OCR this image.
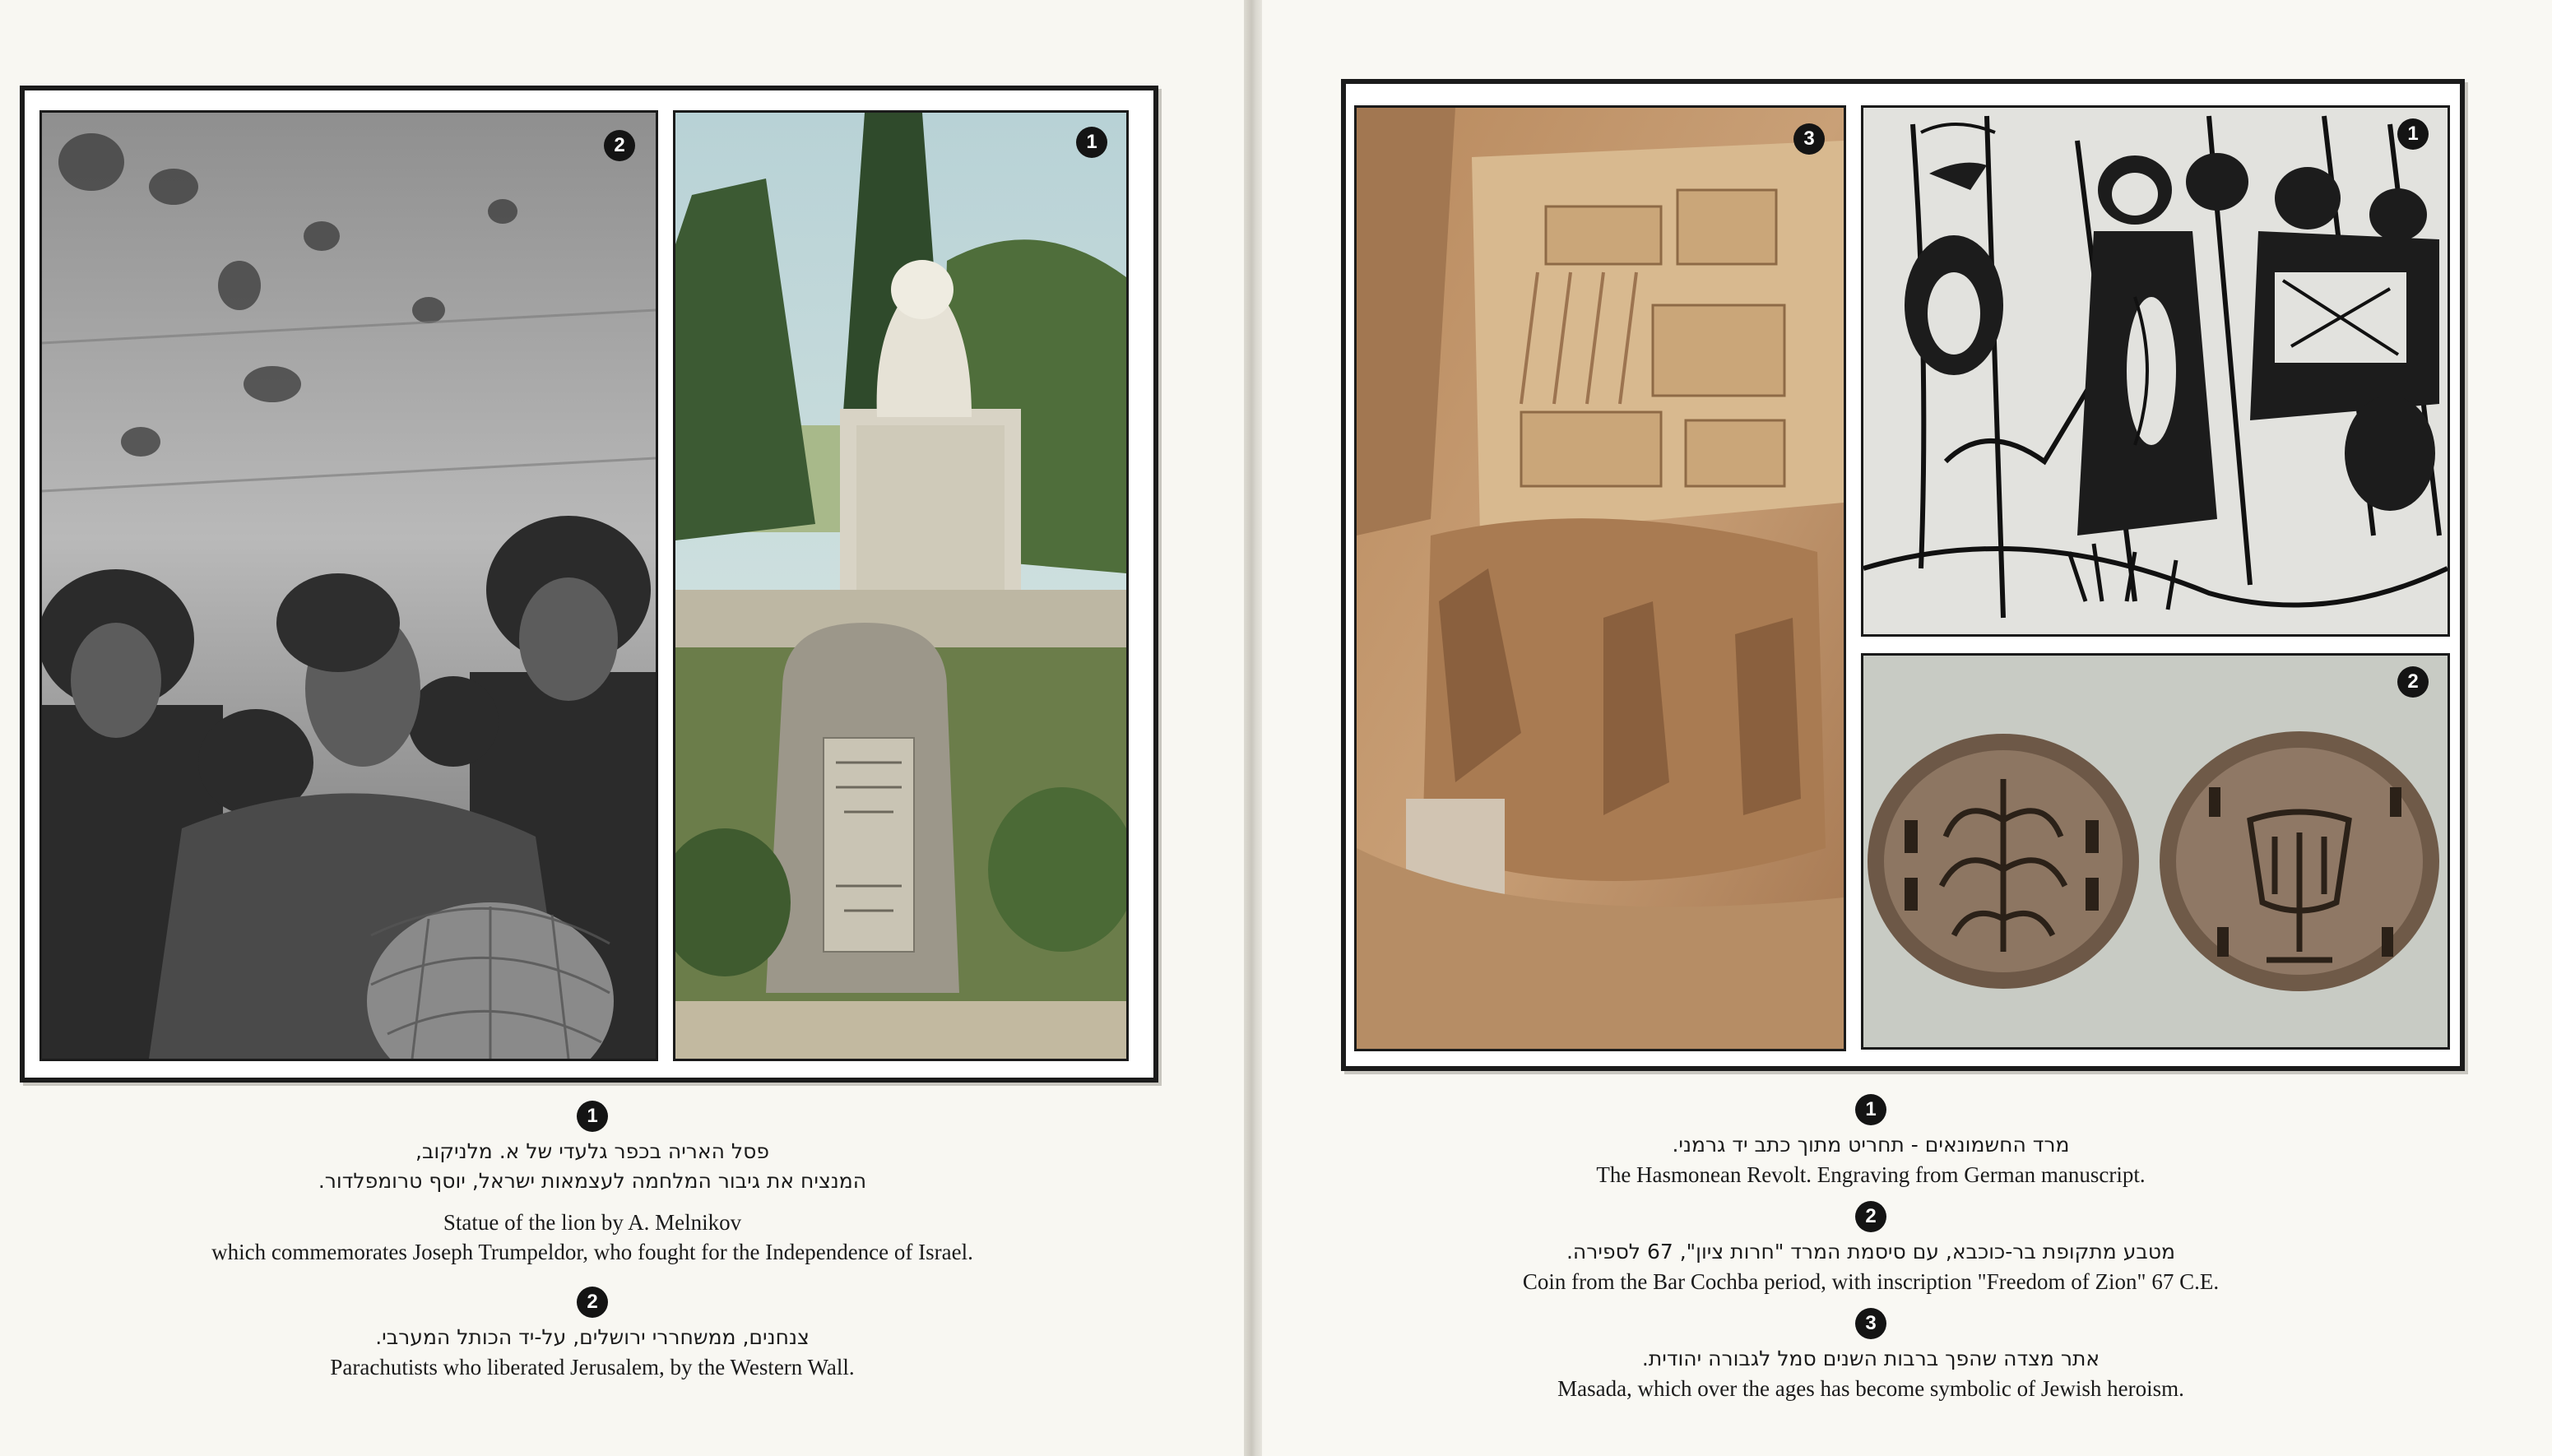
2	1
1
פסל האריה בכפר גלעדי של א. מלניקוב,
המנציח את גיבור המלחמה לעצמאות ישראל, יוסף טרומפלדור.
Statue of the lion by A. Melnikov
which commemorates Joseph Trumpeldor, who fought for the Independence of Israel.
2
צנחנים, ממשחררי ירושלים, על-יד הכותל המערבי.
Parachutists who liberated Jerusalem, by the Western Wall.
3	1
2
1
מרד החשמונאים - תחריט מתוך כתב יד גרמני.
The Hasmonean Revolt. Engraving from German manuscript.
2
מטבע מתקופת בר-כוכבא, עם סיסמת המרד "חרות ציון", 67 לספירה.
Coin from the Bar Cochba period, with inscription "Freedom of Zion" 67 C.E.
3
אתר מצדה שהפך ברבות השנים סמל לגבורה יהודית.
Masada, which over the ages has become symbolic of Jewish heroism.
